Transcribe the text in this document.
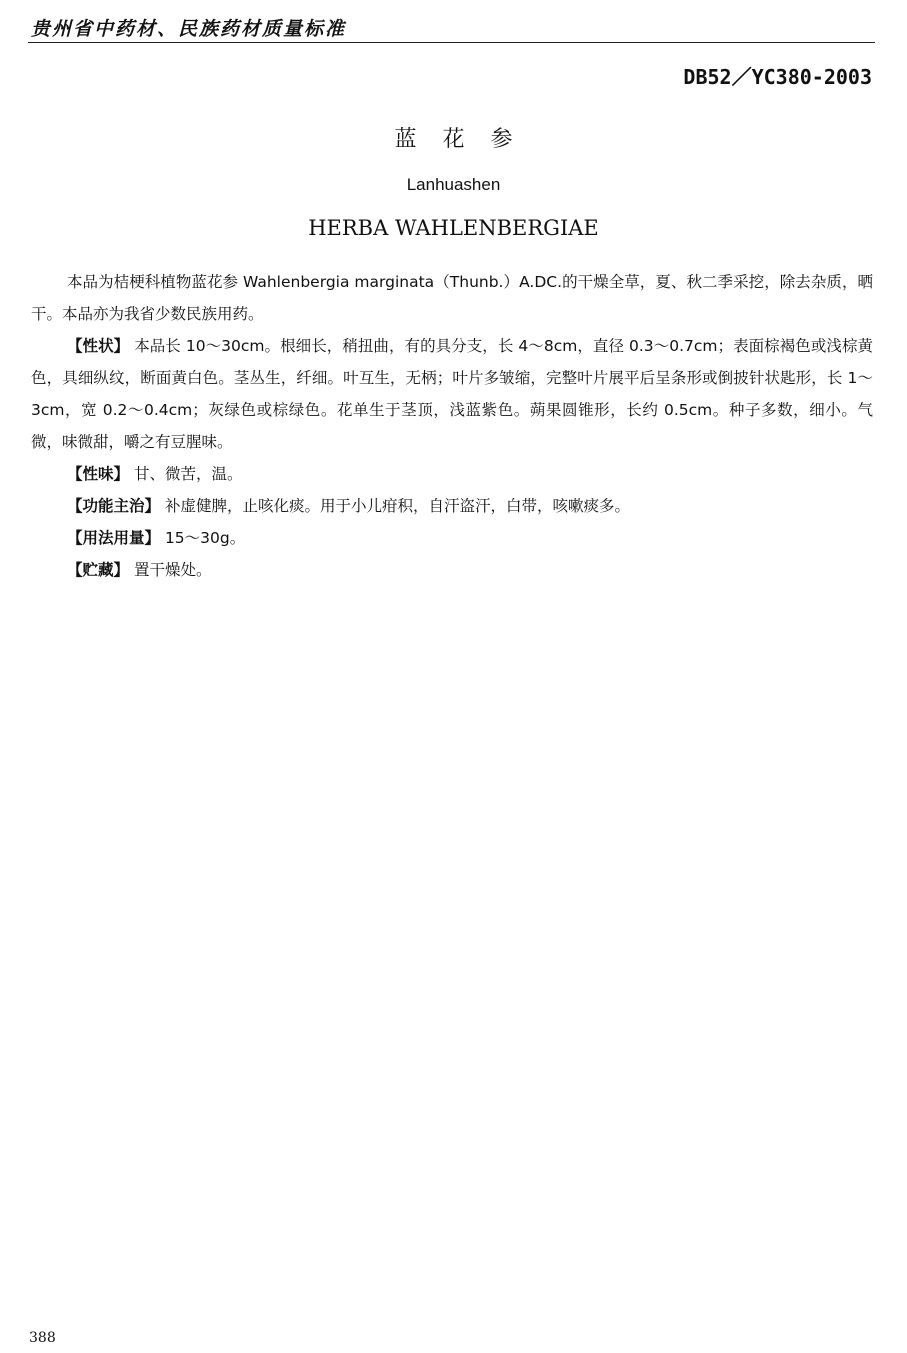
贵州省中药材、民族药材质量标准
DB52／YC380-2003
蓝花参
Lanhuashen
HERBA WAHLENBERGIAE

本品为桔梗科植物蓝花参 Wahlenbergia marginata（Thunb.）A.DC.的干燥全草，夏、秋二季采挖，除去杂质，晒干。本品亦为我省少数民族用药。

【性状】 本品长 10～30cm。根细长，稍扭曲，有的具分支，长 4～8cm，直径 0.3～0.7cm；表面棕褐色或浅棕黄色，具细纵纹，断面黄白色。茎丛生，纤细。叶互生，无柄；叶片多皱缩，完整叶片展平后呈条形或倒披针状匙形，长 1～3cm，宽 0.2～0.4cm；灰绿色或棕绿色。花单生于茎顶，浅蓝紫色。蒴果圆锥形，长约 0.5cm。种子多数，细小。气微，味微甜，嚼之有豆腥味。

【性味】 甘、微苦，温。

【功能主治】 补虚健脾，止咳化痰。用于小儿疳积，自汗盗汗，白带，咳嗽痰多。

【用法用量】 15～30g。

【贮藏】 置干燥处。

388
